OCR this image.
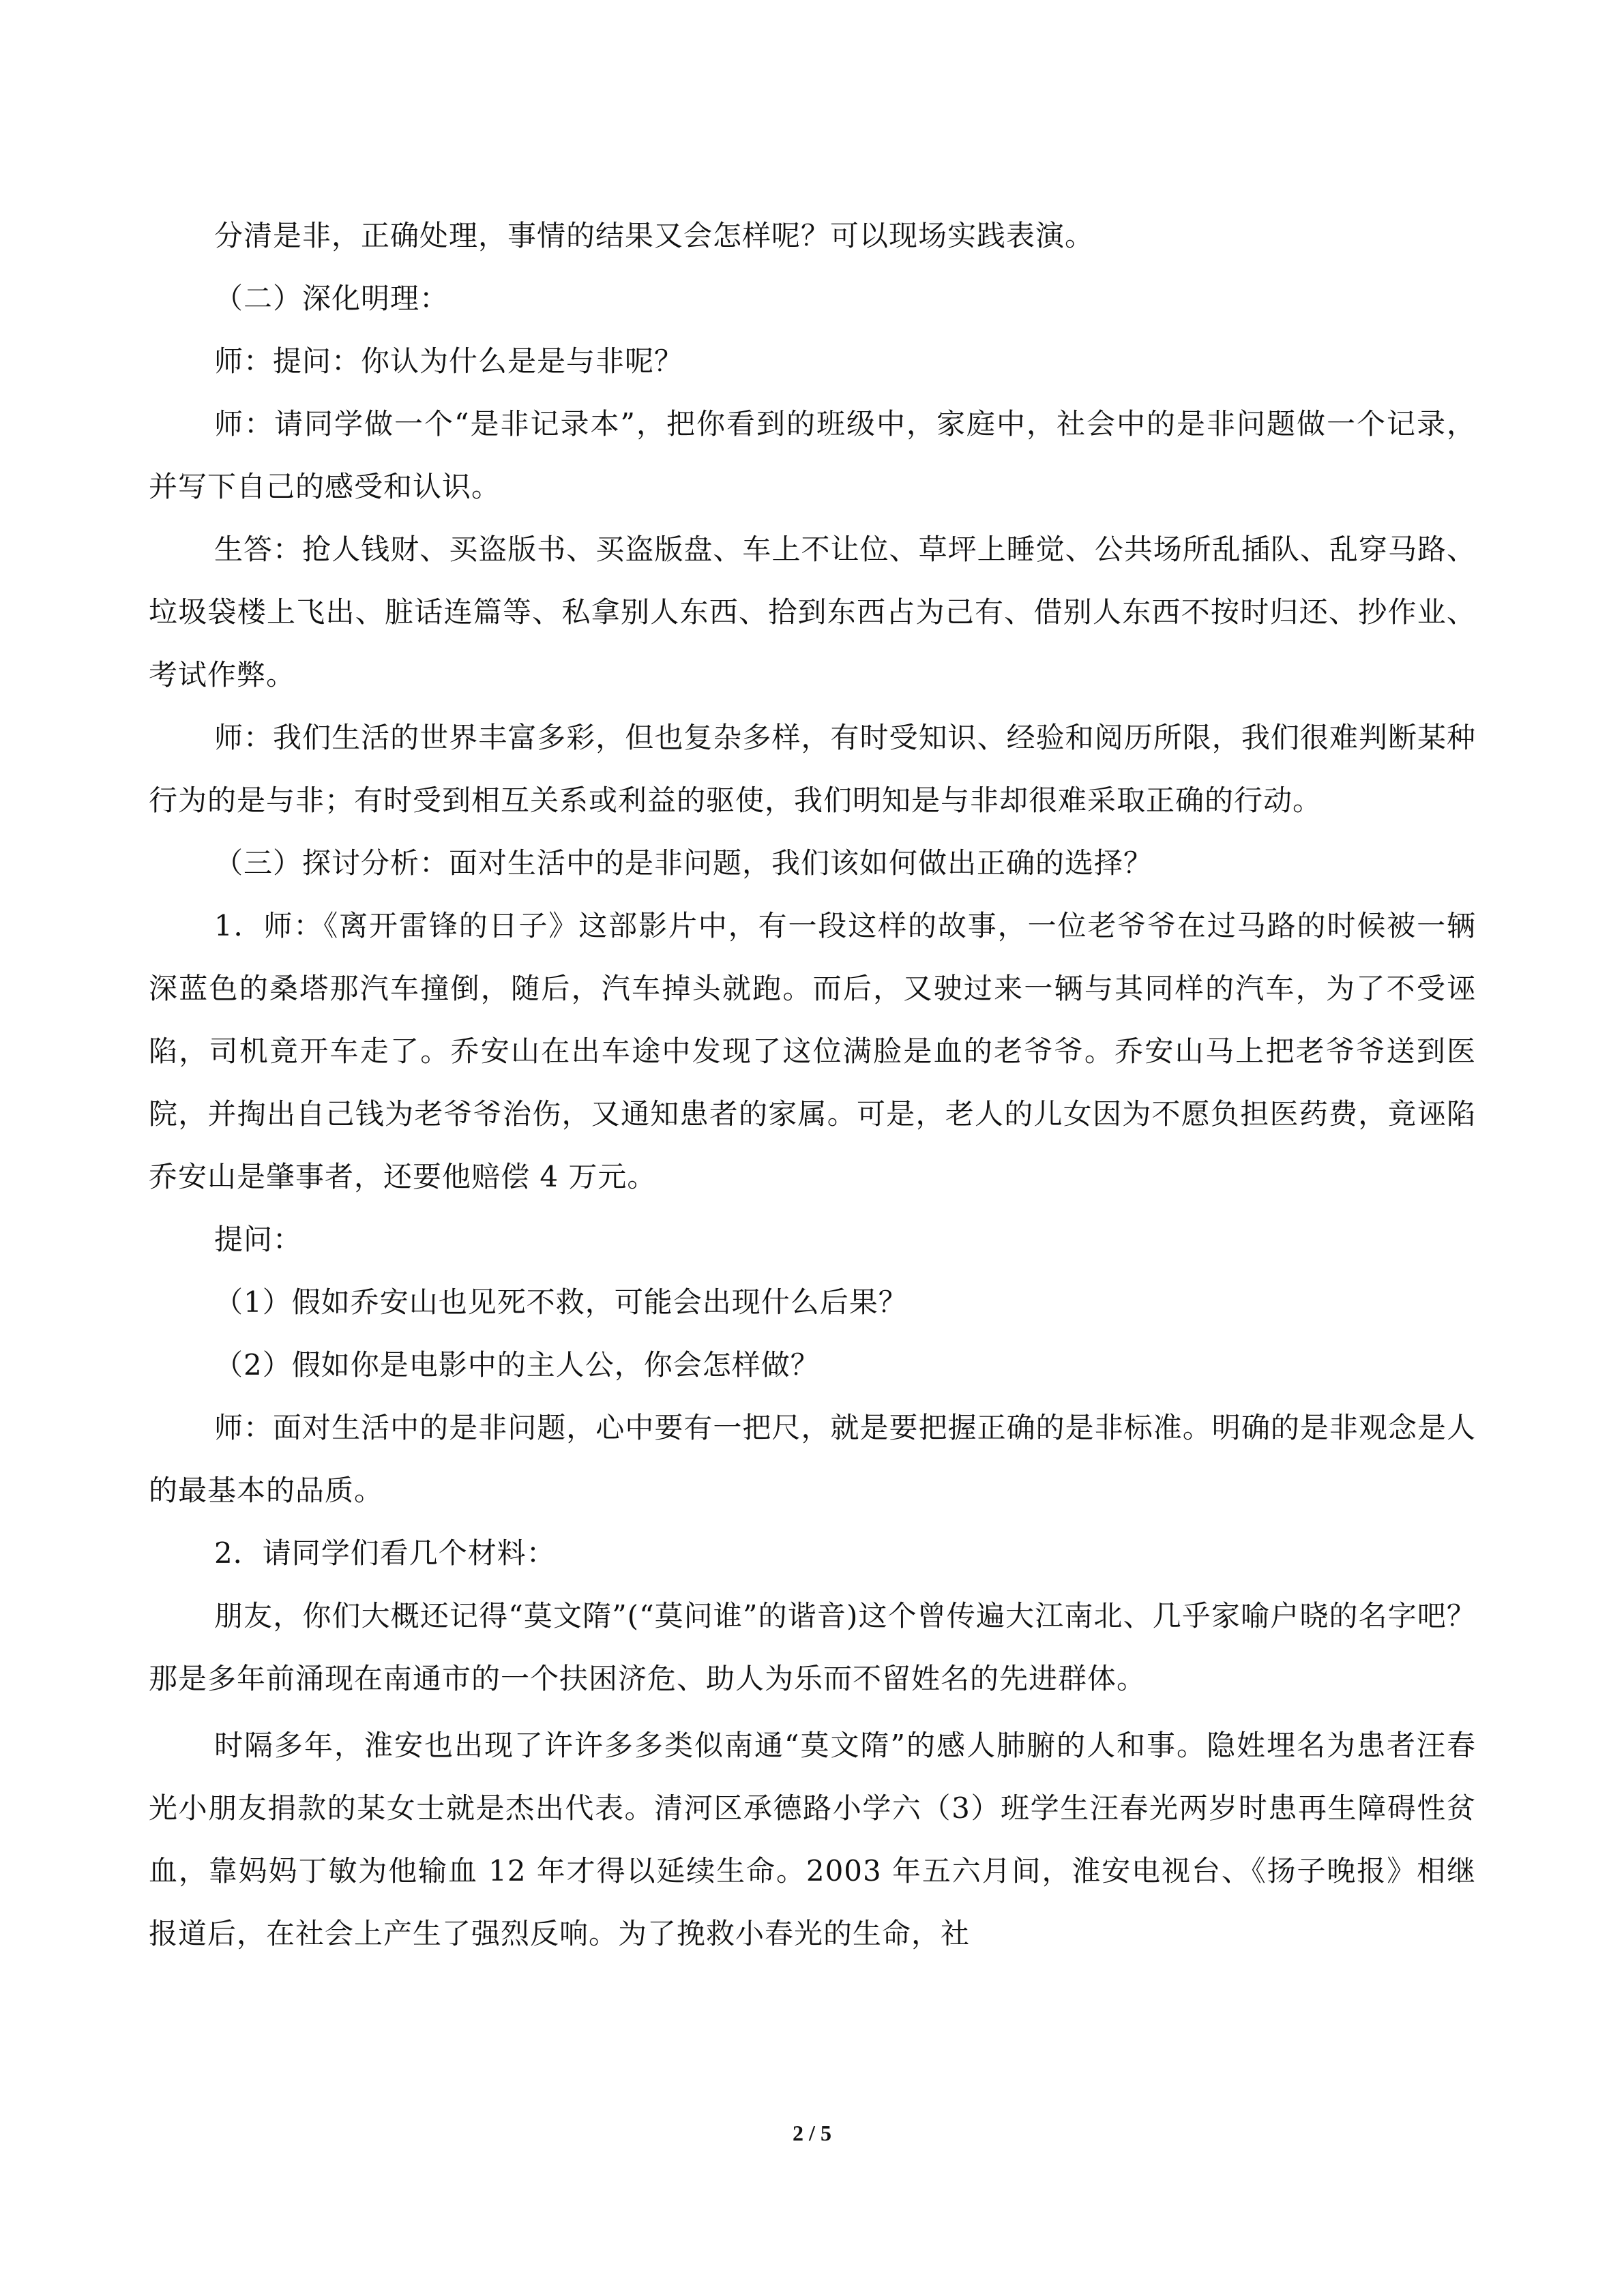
分清是非，正确处理，事情的结果又会怎样呢？可以现场实践表演。

（二）深化明理：

师：提问：你认为什么是是与非呢？

师：请同学做一个“是非记录本”，把你看到的班级中，家庭中，社会中的是非问题做一个记录，并写下自己的感受和认识。

生答：抢人钱财、买盗版书、买盗版盘、车上不让位、草坪上睡觉、公共场所乱插队、乱穿马路、垃圾袋楼上飞出、脏话连篇等、私拿别人东西、拾到东西占为己有、借别人东西不按时归还、抄作业、考试作弊。

师：我们生活的世界丰富多彩，但也复杂多样，有时受知识、经验和阅历所限，我们很难判断某种行为的是与非；有时受到相互关系或利益的驱使，我们明知是与非却很难采取正确的行动。

（三）探讨分析：面对生活中的是非问题，我们该如何做出正确的选择？

1．师：《离开雷锋的日子》这部影片中，有一段这样的故事，一位老爷爷在过马路的时候被一辆深蓝色的桑塔那汽车撞倒，随后，汽车掉头就跑。而后，又驶过来一辆与其同样的汽车，为了不受诬陷，司机竟开车走了。乔安山在出车途中发现了这位满脸是血的老爷爷。乔安山马上把老爷爷送到医院，并掏出自己钱为老爷爷治伤，又通知患者的家属。可是，老人的儿女因为不愿负担医药费，竟诬陷乔安山是肇事者，还要他赔偿 4 万元。

提问：

（1）假如乔安山也见死不救，可能会出现什么后果？

（2）假如你是电影中的主人公，你会怎样做？

师：面对生活中的是非问题，心中要有一把尺，就是要把握正确的是非标准。明确的是非观念是人的最基本的品质。

2．请同学们看几个材料：

朋友，你们大概还记得“莫文隋”(“莫问谁”的谐音)这个曾传遍大江南北、几乎家喻户晓的名字吧？那是多年前涌现在南通市的一个扶困济危、助人为乐而不留姓名的先进群体。

时隔多年，淮安也出现了许许多多类似南通“莫文隋”的感人肺腑的人和事。隐姓埋名为患者汪春光小朋友捐款的某女士就是杰出代表。清河区承德路小学六（3）班学生汪春光两岁时患再生障碍性贫血，靠妈妈丁敏为他输血 12 年才得以延续生命。2003 年五六月间，淮安电视台、《扬子晚报》相继报道后，在社会上产生了强烈反响。为了挽救小春光的生命，社

2 / 5
